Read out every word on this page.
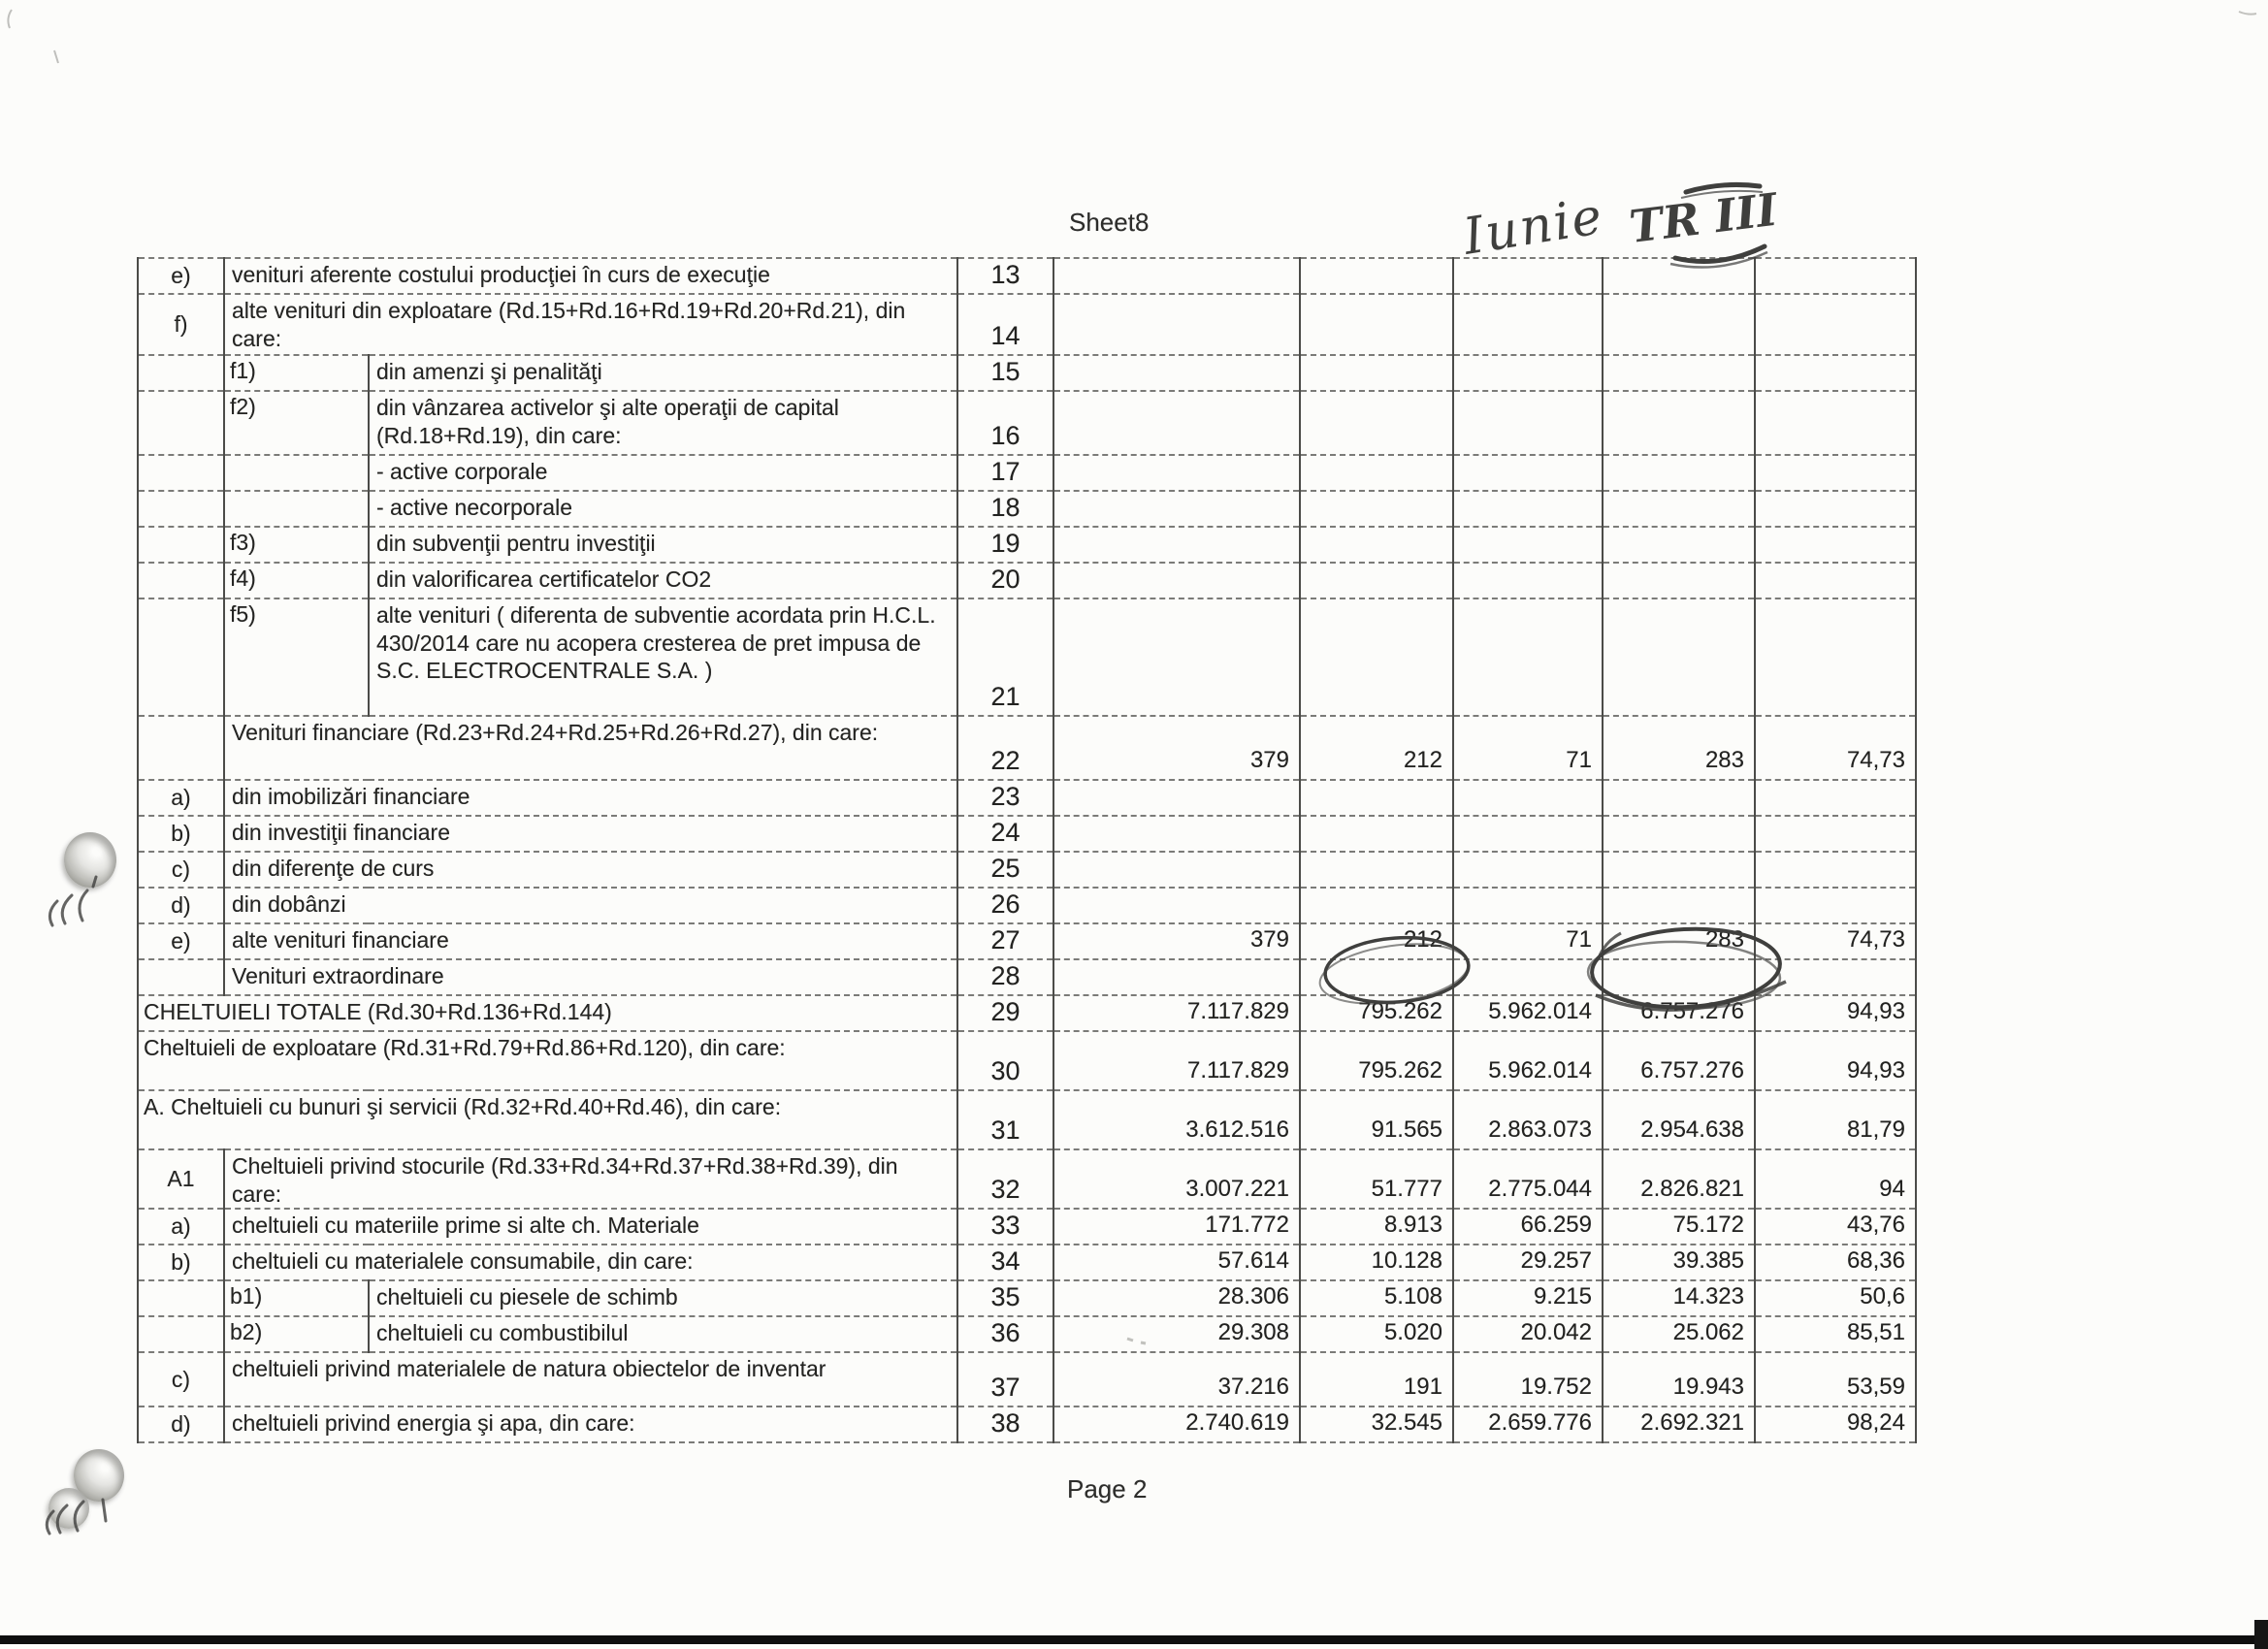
Sheet8
e)	venituri aferente costului producţiei în curs de execuţie		13					
f)	alte venituri din exploatare (Rd.15+Rd.16+Rd.19+Rd.20+Rd.21), din care:		14					
	f1)	din amenzi şi penalităţi	15					
	f2)	din vânzarea activelor şi alte operaţii de capital (Rd.18+Rd.19), din care:	16					
		- active corporale	17					
		- active necorporale	18					
	f3)	din subvenţii pentru investiţii	19					
	f4)	din valorificarea certificatelor CO2	20					
	f5)	alte venituri ( diferenta de subventie acordata prin H.C.L. 430/2014 care nu acopera cresterea de pret impusa de S.C. ELECTROCENTRALE S.A. )	21					
	Venituri financiare (Rd.23+Rd.24+Rd.25+Rd.26+Rd.27), din care:		22	379	212	71	283	74,73
a)	din imobilizări financiare		23					
b)	din investiţii financiare		24					
c)	din diferenţe de curs		25					
d)	din dobânzi		26					
e)	alte venituri financiare		27	379	212	71	283	74,73
	Venituri extraordinare		28					
CHELTUIELI TOTALE (Rd.30+Rd.136+Rd.144)			29	7.117.829	795.262	5.962.014	6.757.276	94,93
Cheltuieli de exploatare (Rd.31+Rd.79+Rd.86+Rd.120), din care:			30	7.117.829	795.262	5.962.014	6.757.276	94,93
A. Cheltuieli cu bunuri şi servicii (Rd.32+Rd.40+Rd.46), din care:			31	3.612.516	91.565	2.863.073	2.954.638	81,79
A1	Cheltuieli privind stocurile (Rd.33+Rd.34+Rd.37+Rd.38+Rd.39), din care:		32	3.007.221	51.777	2.775.044	2.826.821	94
a)	cheltuieli cu materiile prime si alte ch. Materiale		33	171.772	8.913	66.259	75.172	43,76
b)	cheltuieli cu materialele consumabile, din care:		34	57.614	10.128	29.257	39.385	68,36
	b1)	cheltuieli cu piesele de schimb	35	28.306	5.108	9.215	14.323	50,6
	b2)	cheltuieli cu combustibilul	36	29.308	5.020	20.042	25.062	85,51
c)	cheltuieli privind materialele de natura obiectelor de inventar		37	37.216	191	19.752	19.943	53,59
d)	cheltuieli privind energia şi apa, din care:		38	2.740.619	32.545	2.659.776	2.692.321	98,24
Page 2
Iunie TR III
